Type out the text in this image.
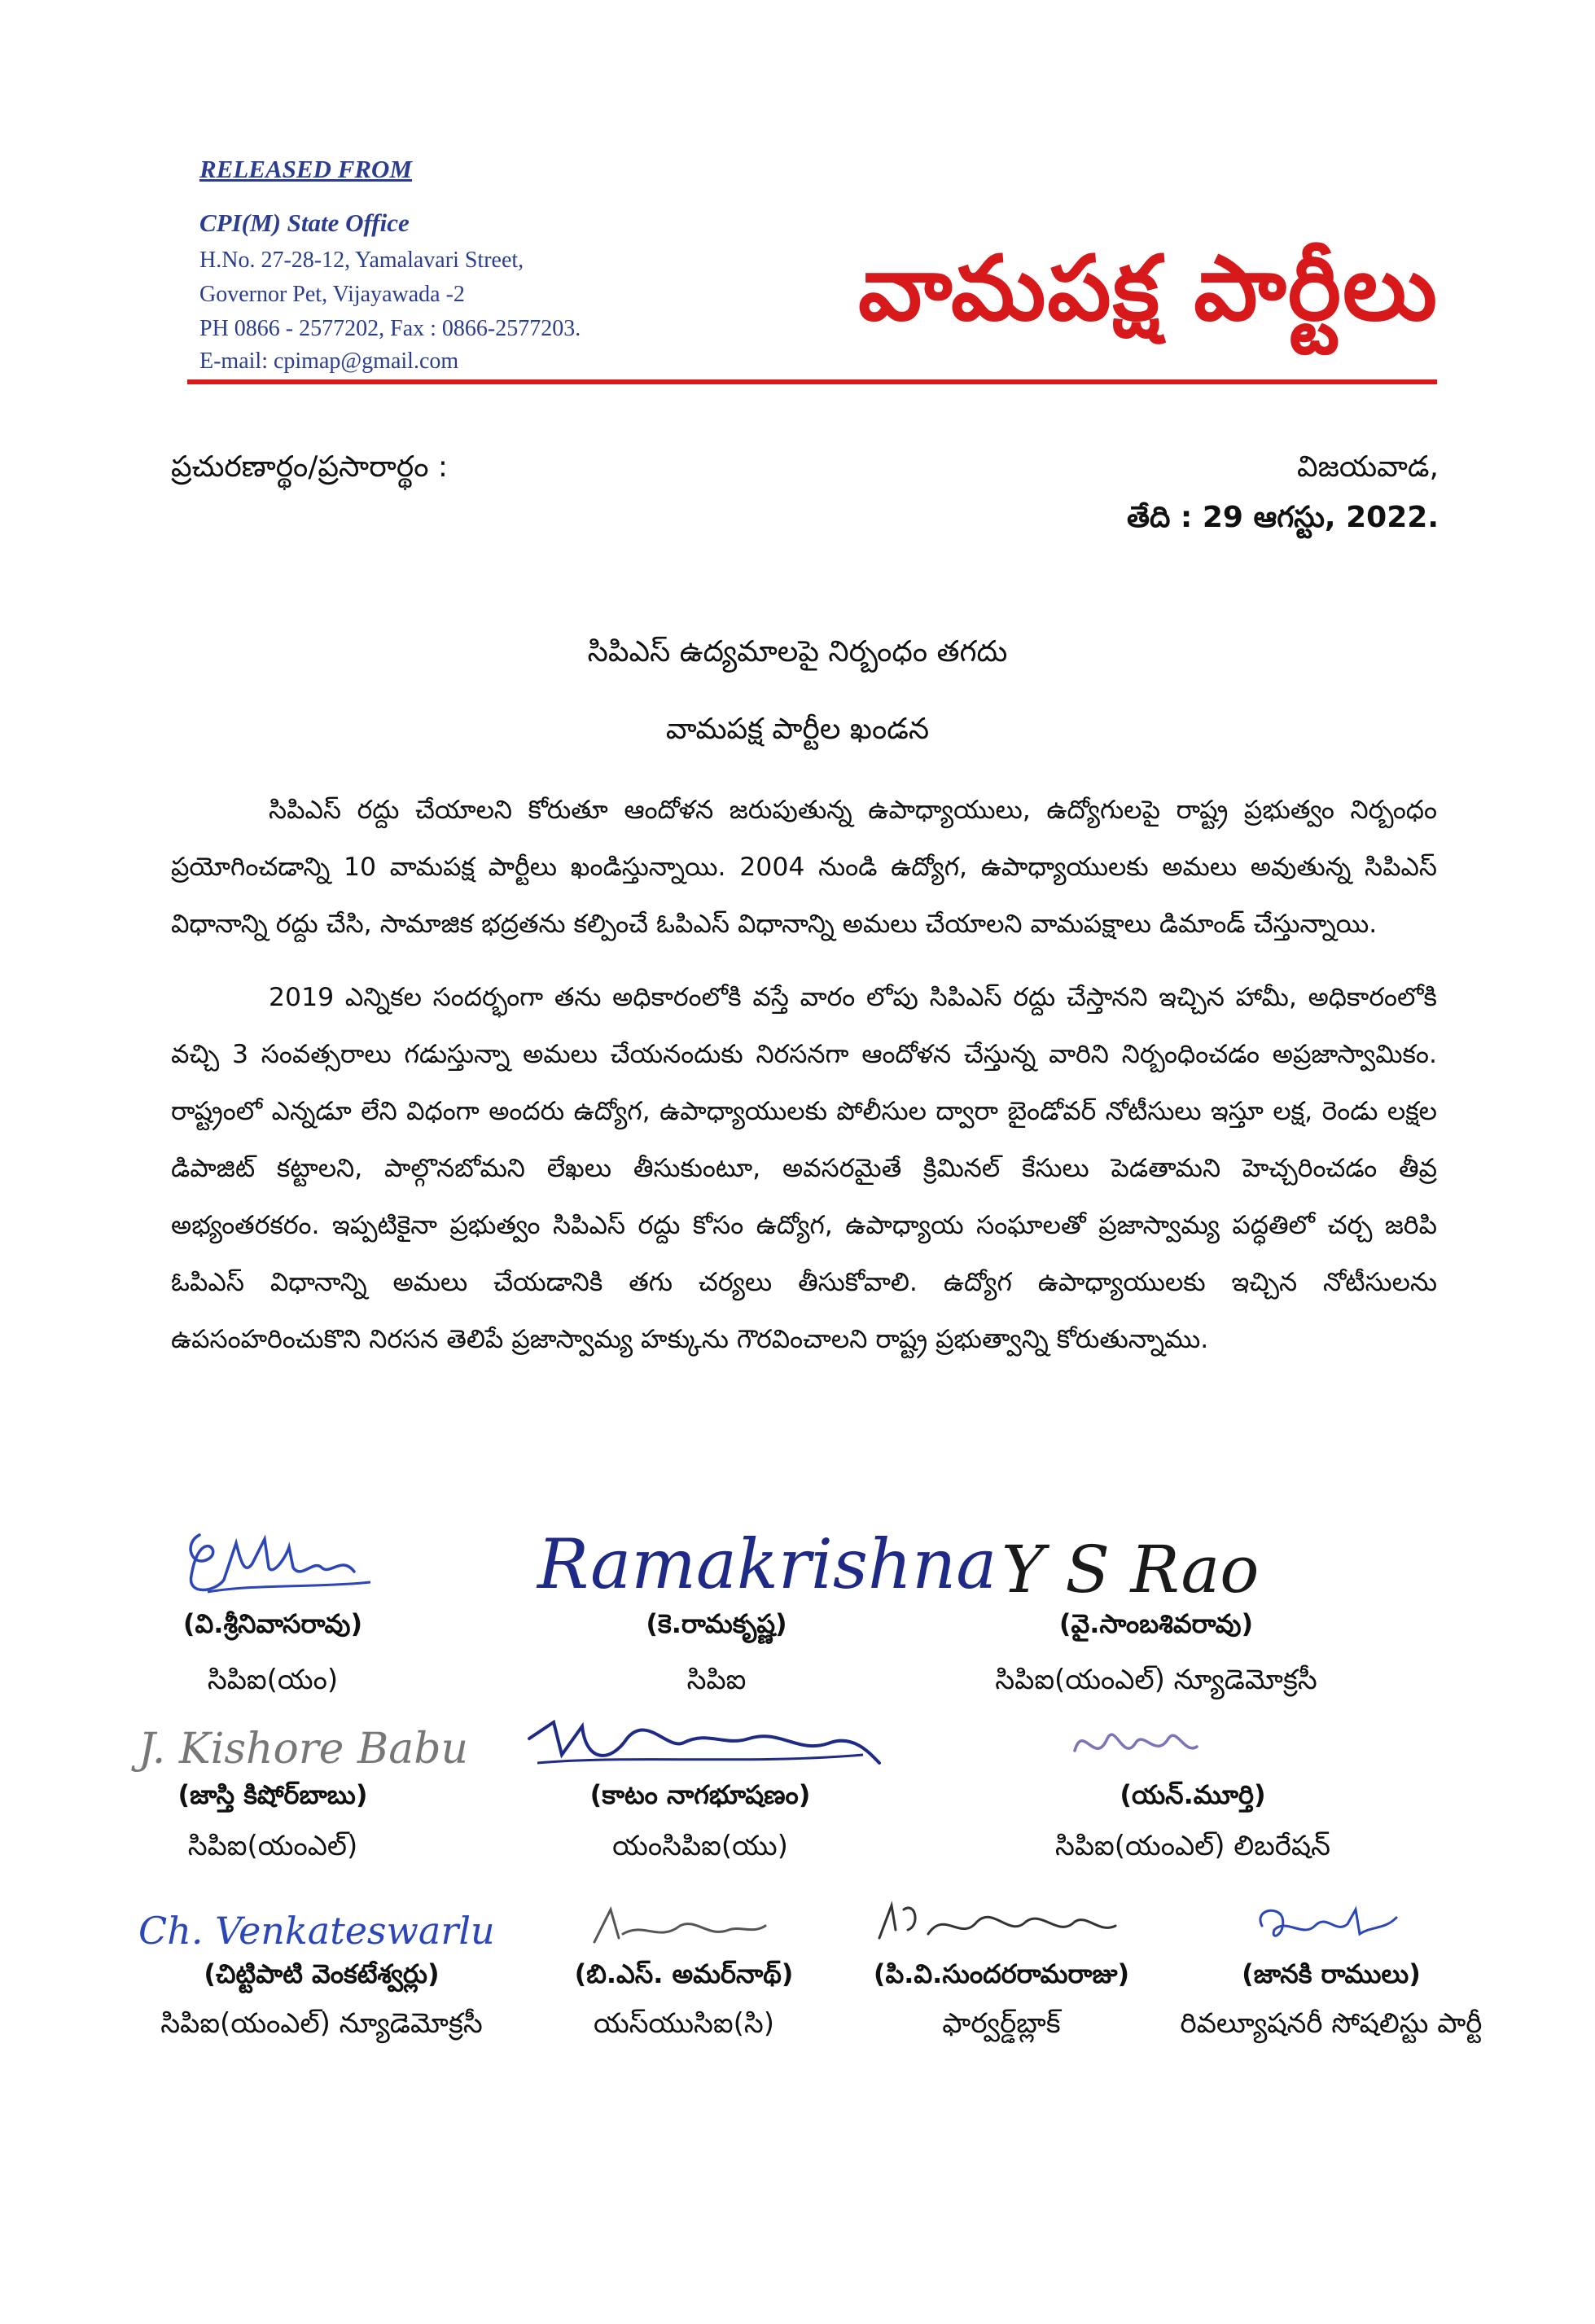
RELEASED FROM
CPI(M) State Office
H.No. 27-28-12, Yamalavari Street,
Governor Pet, Vijayawada -2
PH 0866 - 2577202, Fax : 0866-2577203.
E-mail: cpimap@gmail.com
వామపక్ష పార్టీలు
ప్రచురణార్థం/ప్రసారార్థం :	విజయవాడ,
తేది : 29 ఆగస్టు, 2022.
సిపిఎస్ ఉద్యమాలపై నిర్బంధం తగదు
వామపక్ష పార్టీల ఖండన
సిపిఎస్ రద్దు చేయాలని కోరుతూ ఆందోళన జరుపుతున్న ఉపాధ్యాయులు, ఉద్యోగులపై రాష్ట్ర ప్రభుత్వం నిర్బంధం ప్రయోగించడాన్ని 10 వామపక్ష పార్టీలు ఖండిస్తున్నాయి. 2004 నుండి ఉద్యోగ, ఉపాధ్యాయులకు అమలు అవుతున్న సిపిఎస్ విధానాన్ని రద్దు చేసి, సామాజిక భద్రతను కల్పించే ఓపిఎస్ విధానాన్ని అమలు చేయాలని వామపక్షాలు డిమాండ్ చేస్తున్నాయి.
2019 ఎన్నికల సందర్భంగా తను అధికారంలోకి వస్తే వారం లోపు సిపిఎస్ రద్దు చేస్తానని ఇచ్చిన హామీ, అధికారంలోకి వచ్చి 3 సంవత్సరాలు గడుస్తున్నా అమలు చేయనందుకు నిరసనగా ఆందోళన చేస్తున్న వారిని నిర్బంధించడం అప్రజాస్వామికం. రాష్ట్రంలో ఎన్నడూ లేని విధంగా అందరు ఉద్యోగ, ఉపాధ్యాయులకు పోలీసుల ద్వారా బైండోవర్ నోటీసులు ఇస్తూ లక్ష, రెండు లక్షల డిపాజిట్ కట్టాలని, పాల్గొనబోమని లేఖలు తీసుకుంటూ, అవసరమైతే క్రిమినల్ కేసులు పెడతామని హెచ్చరించడం తీవ్ర అభ్యంతరకరం. ఇప్పటికైనా ప్రభుత్వం సిపిఎస్ రద్దు కోసం ఉద్యోగ, ఉపాధ్యాయ సంఘాలతో ప్రజాస్వామ్య పద్ధతిలో చర్చ జరిపి ఓపిఎస్ విధానాన్ని అమలు చేయడానికి తగు చర్యలు తీసుకోవాలి. ఉద్యోగ ఉపాధ్యాయులకు ఇచ్చిన నోటీసులను ఉపసంహరించుకొని నిరసన తెలిపే ప్రజాస్వామ్య హక్కును గౌరవించాలని రాష్ట్ర ప్రభుత్వాన్ని కోరుతున్నాము.
(వి.శ్రీనివాసరావు)
సిపిఐ(యం)
Ramakrishna
(కె.రామకృష్ణ)
సిపిఐ
Y S Rao
(వై.సాంబశివరావు)
సిపిఐ(యంఎల్) న్యూడెమోక్రసీ
J. Kishore Babu
(జాస్తి కిషోర్‌బాబు)
సిపిఐ(యంఎల్)
(కాటం నాగభూషణం)
యంసిపిఐ(యు)
(యన్.మూర్తి)
సిపిఐ(యంఎల్) లిబరేషన్
Ch. Venkateswarlu
(చిట్టిపాటి వెంకటేశ్వర్లు)
సిపిఐ(యంఎల్) న్యూడెమోక్రసీ
(బి.ఎస్. అమర్‌నాథ్)
యస్‌యుసిఐ(సి)
(పి.వి.సుందరరామరాజు)
ఫార్వర్డ్‌బ్లాక్
(జానకి రాములు)
రివల్యూషనరీ సోషలిస్టు పార్టీ
